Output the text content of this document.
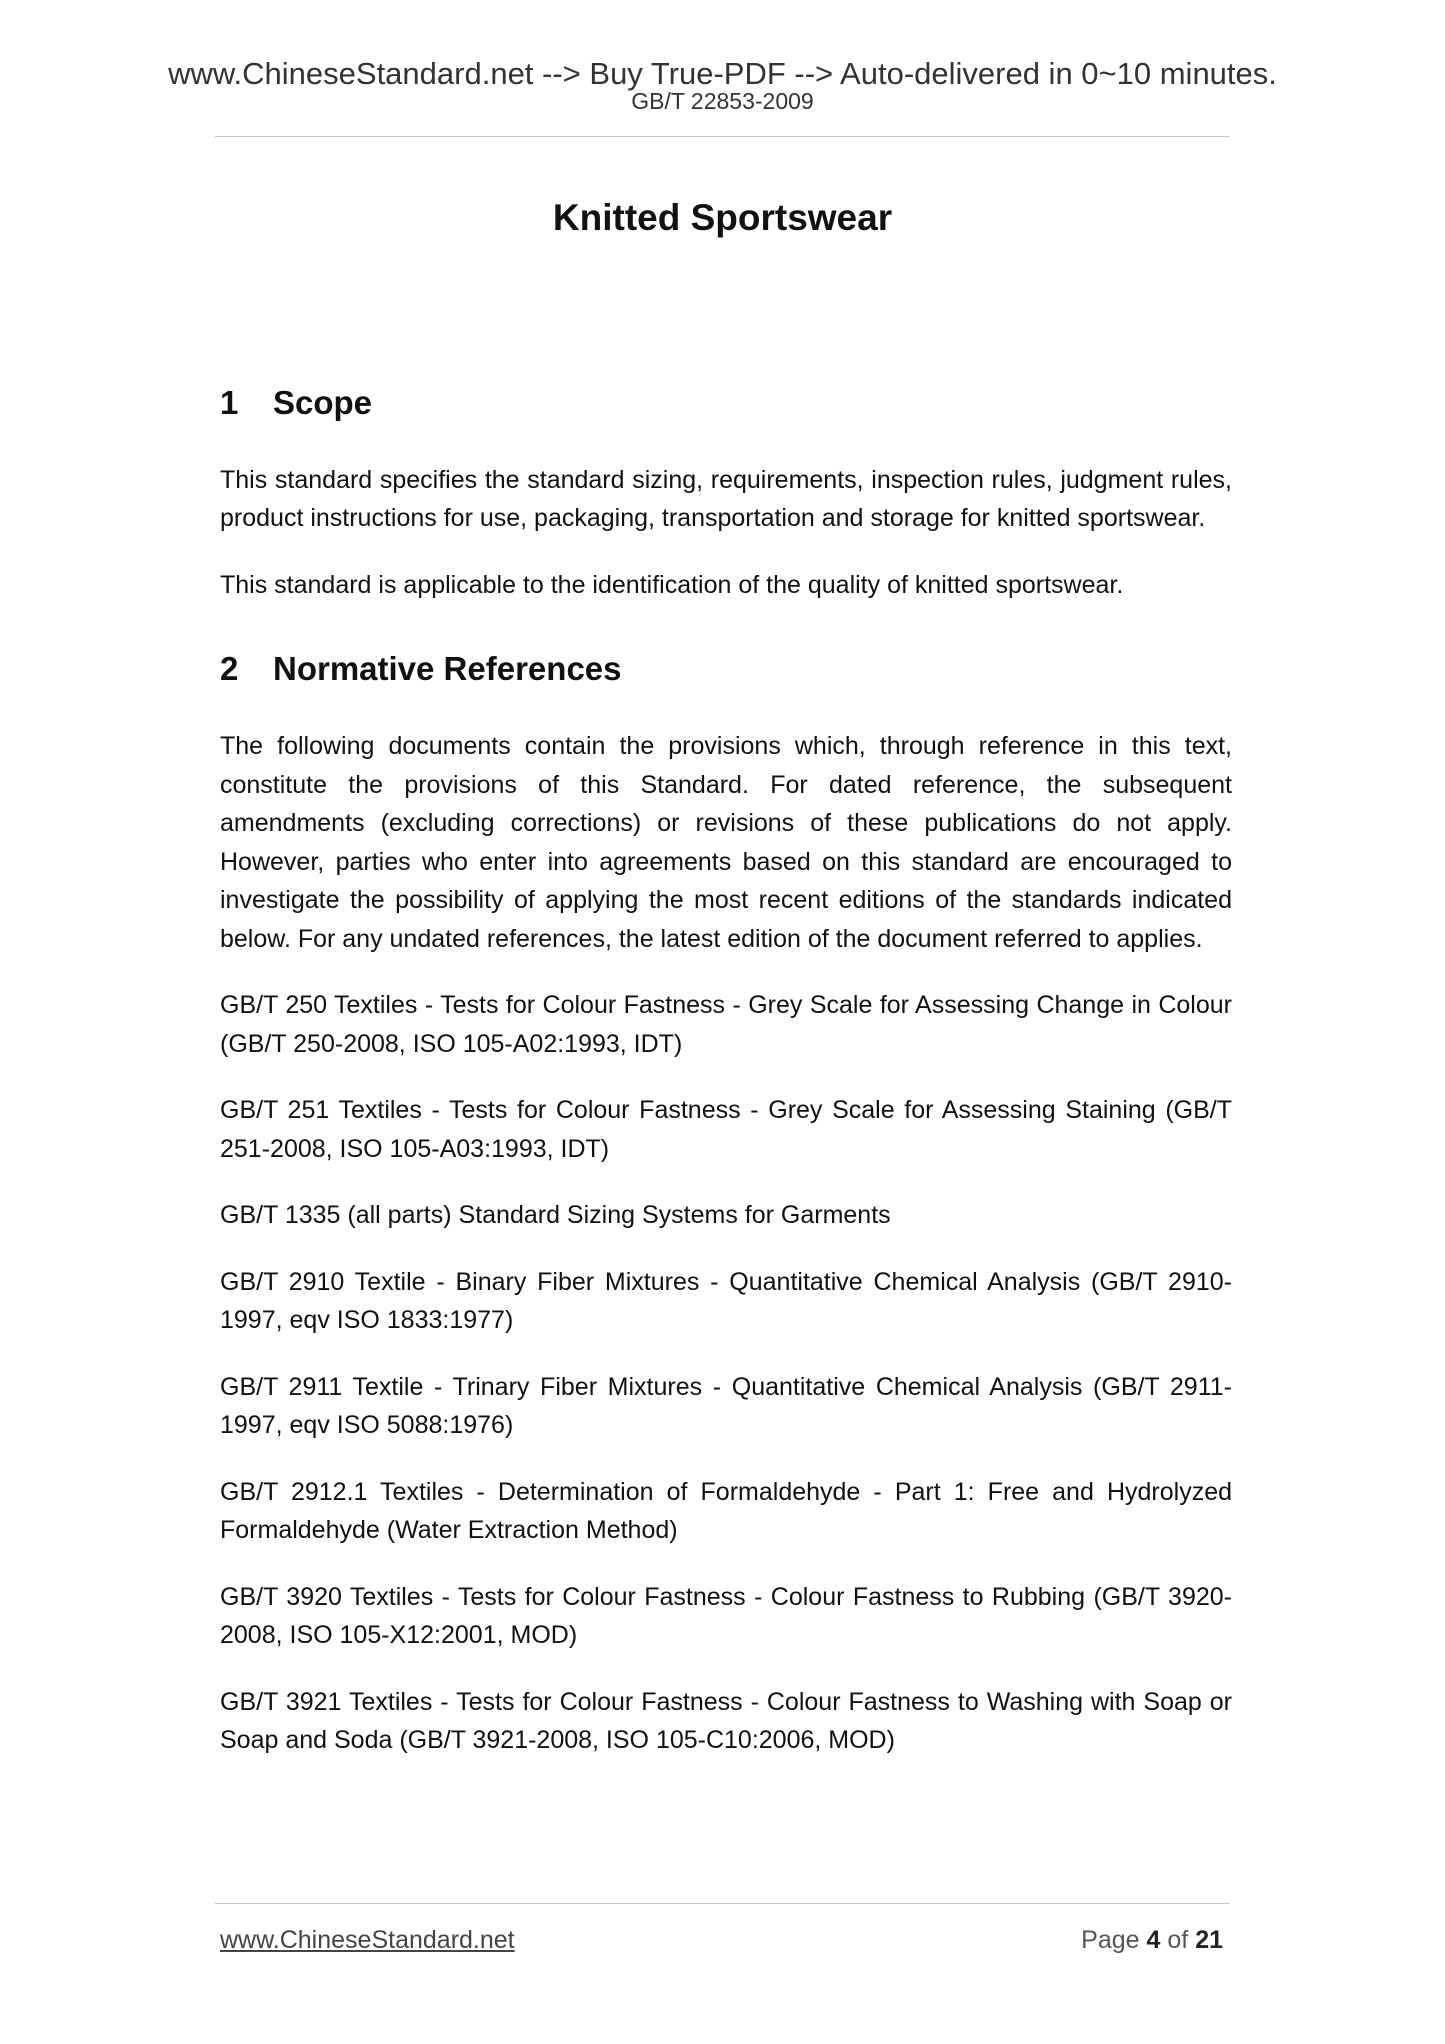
www.ChineseStandard.net --> Buy True-PDF --> Auto-delivered in 0~10 minutes.
GB/T 22853-2009
Knitted Sportswear
1	Scope

This standard specifies the standard sizing, requirements, inspection rules, judgment rules, product instructions for use, packaging, transportation and storage for knitted sportswear.

This standard is applicable to the identification of the quality of knitted sportswear.

2	Normative References

The following documents contain the provisions which, through reference in this text, constitute the provisions of this Standard. For dated reference, the subsequent amendments (excluding corrections) or revisions of these publications do not apply. However, parties who enter into agreements based on this standard are encouraged to investigate the possibility of applying the most recent editions of the standards indicated below. For any undated references, the latest edition of the document referred to applies.

GB/T 250 Textiles - Tests for Colour Fastness - Grey Scale for Assessing Change in Colour (GB/T 250-2008, ISO 105-A02:1993, IDT)

GB/T 251 Textiles - Tests for Colour Fastness - Grey Scale for Assessing Staining (GB/T 251-2008, ISO 105-A03:1993, IDT)

GB/T 1335 (all parts) Standard Sizing Systems for Garments

GB/T 2910 Textile - Binary Fiber Mixtures - Quantitative Chemical Analysis (GB/T 2910-1997, eqv ISO 1833:1977)

GB/T 2911 Textile - Trinary Fiber Mixtures - Quantitative Chemical Analysis (GB/T 2911-1997, eqv ISO 5088:1976)

GB/T 2912.1 Textiles - Determination of Formaldehyde - Part 1: Free and Hydrolyzed Formaldehyde (Water Extraction Method)

GB/T 3920 Textiles - Tests for Colour Fastness - Colour Fastness to Rubbing (GB/T 3920-2008, ISO 105-X12:2001, MOD)

GB/T 3921 Textiles - Tests for Colour Fastness - Colour Fastness to Washing with Soap or Soap and Soda (GB/T 3921-2008, ISO 105-C10:2006, MOD)

www.ChineseStandard.net	Page 4 of 21
